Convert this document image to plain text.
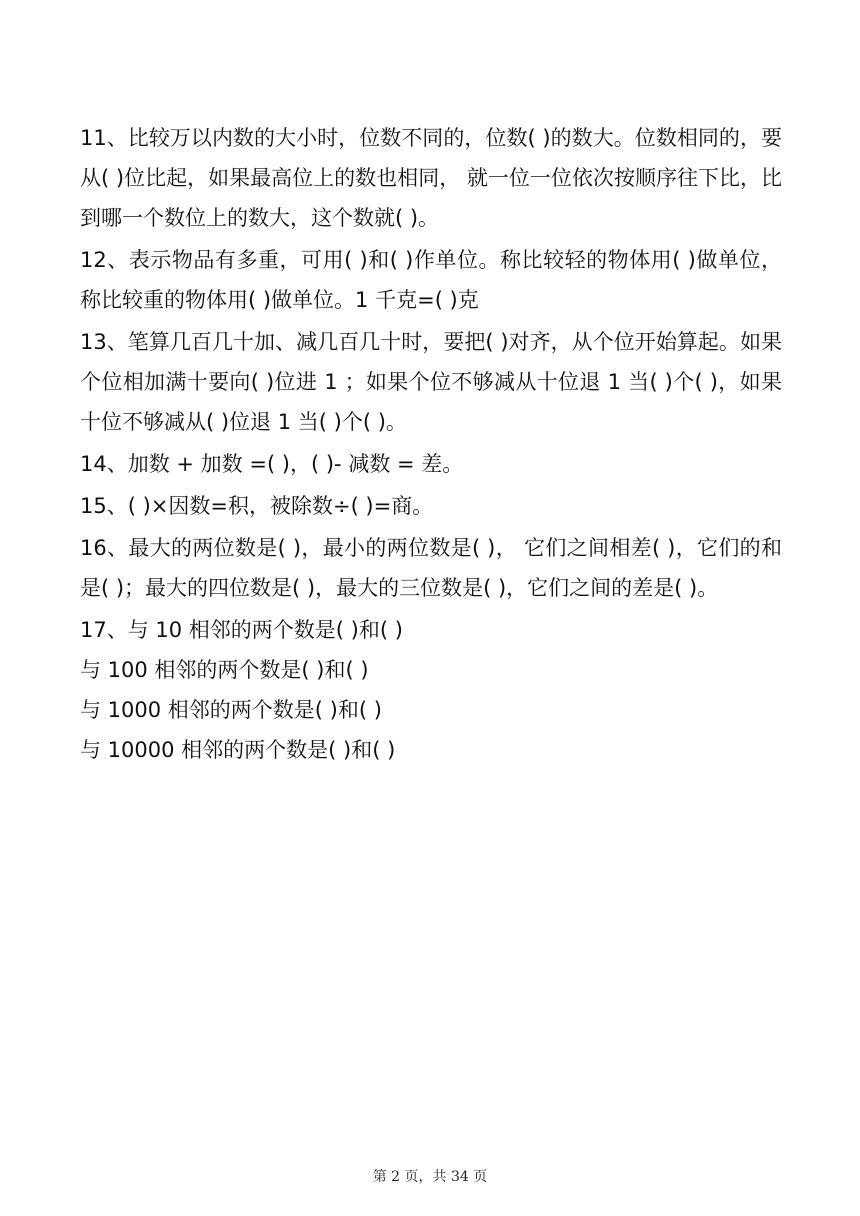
11、比较万以内数的大小时，位数不同的，位数( )的数大。位数相同的，要从( )位比起，如果最高位上的数也相同， 就一位一位依次按顺序往下比，比到哪一个数位上的数大，这个数就( )。

12、表示物品有多重，可用( )和( )作单位。称比较轻的物体用( )做单位，称比较重的物体用( )做单位。1 千克=( )克

13、笔算几百几十加、减几百几十时，要把( )对齐，从个位开始算起。如果个位相加满十要向( )位进 1 ；如果个位不够减从十位退 1 当( )个( )，如果十位不够减从( )位退 1 当( )个( )。

14、加数 + 加数 =( )，( )- 减数 = 差。

15、( )×因数=积，被除数÷( )=商。

16、最大的两位数是( )，最小的两位数是( )， 它们之间相差( )，它们的和是( )；最大的四位数是( )，最大的三位数是( )，它们之间的差是( )。

17、与 10 相邻的两个数是( )和( )
与 100 相邻的两个数是( )和( )
与 1000 相邻的两个数是( )和( )
与 10000 相邻的两个数是( )和( )
第 2 页，共 34 页
